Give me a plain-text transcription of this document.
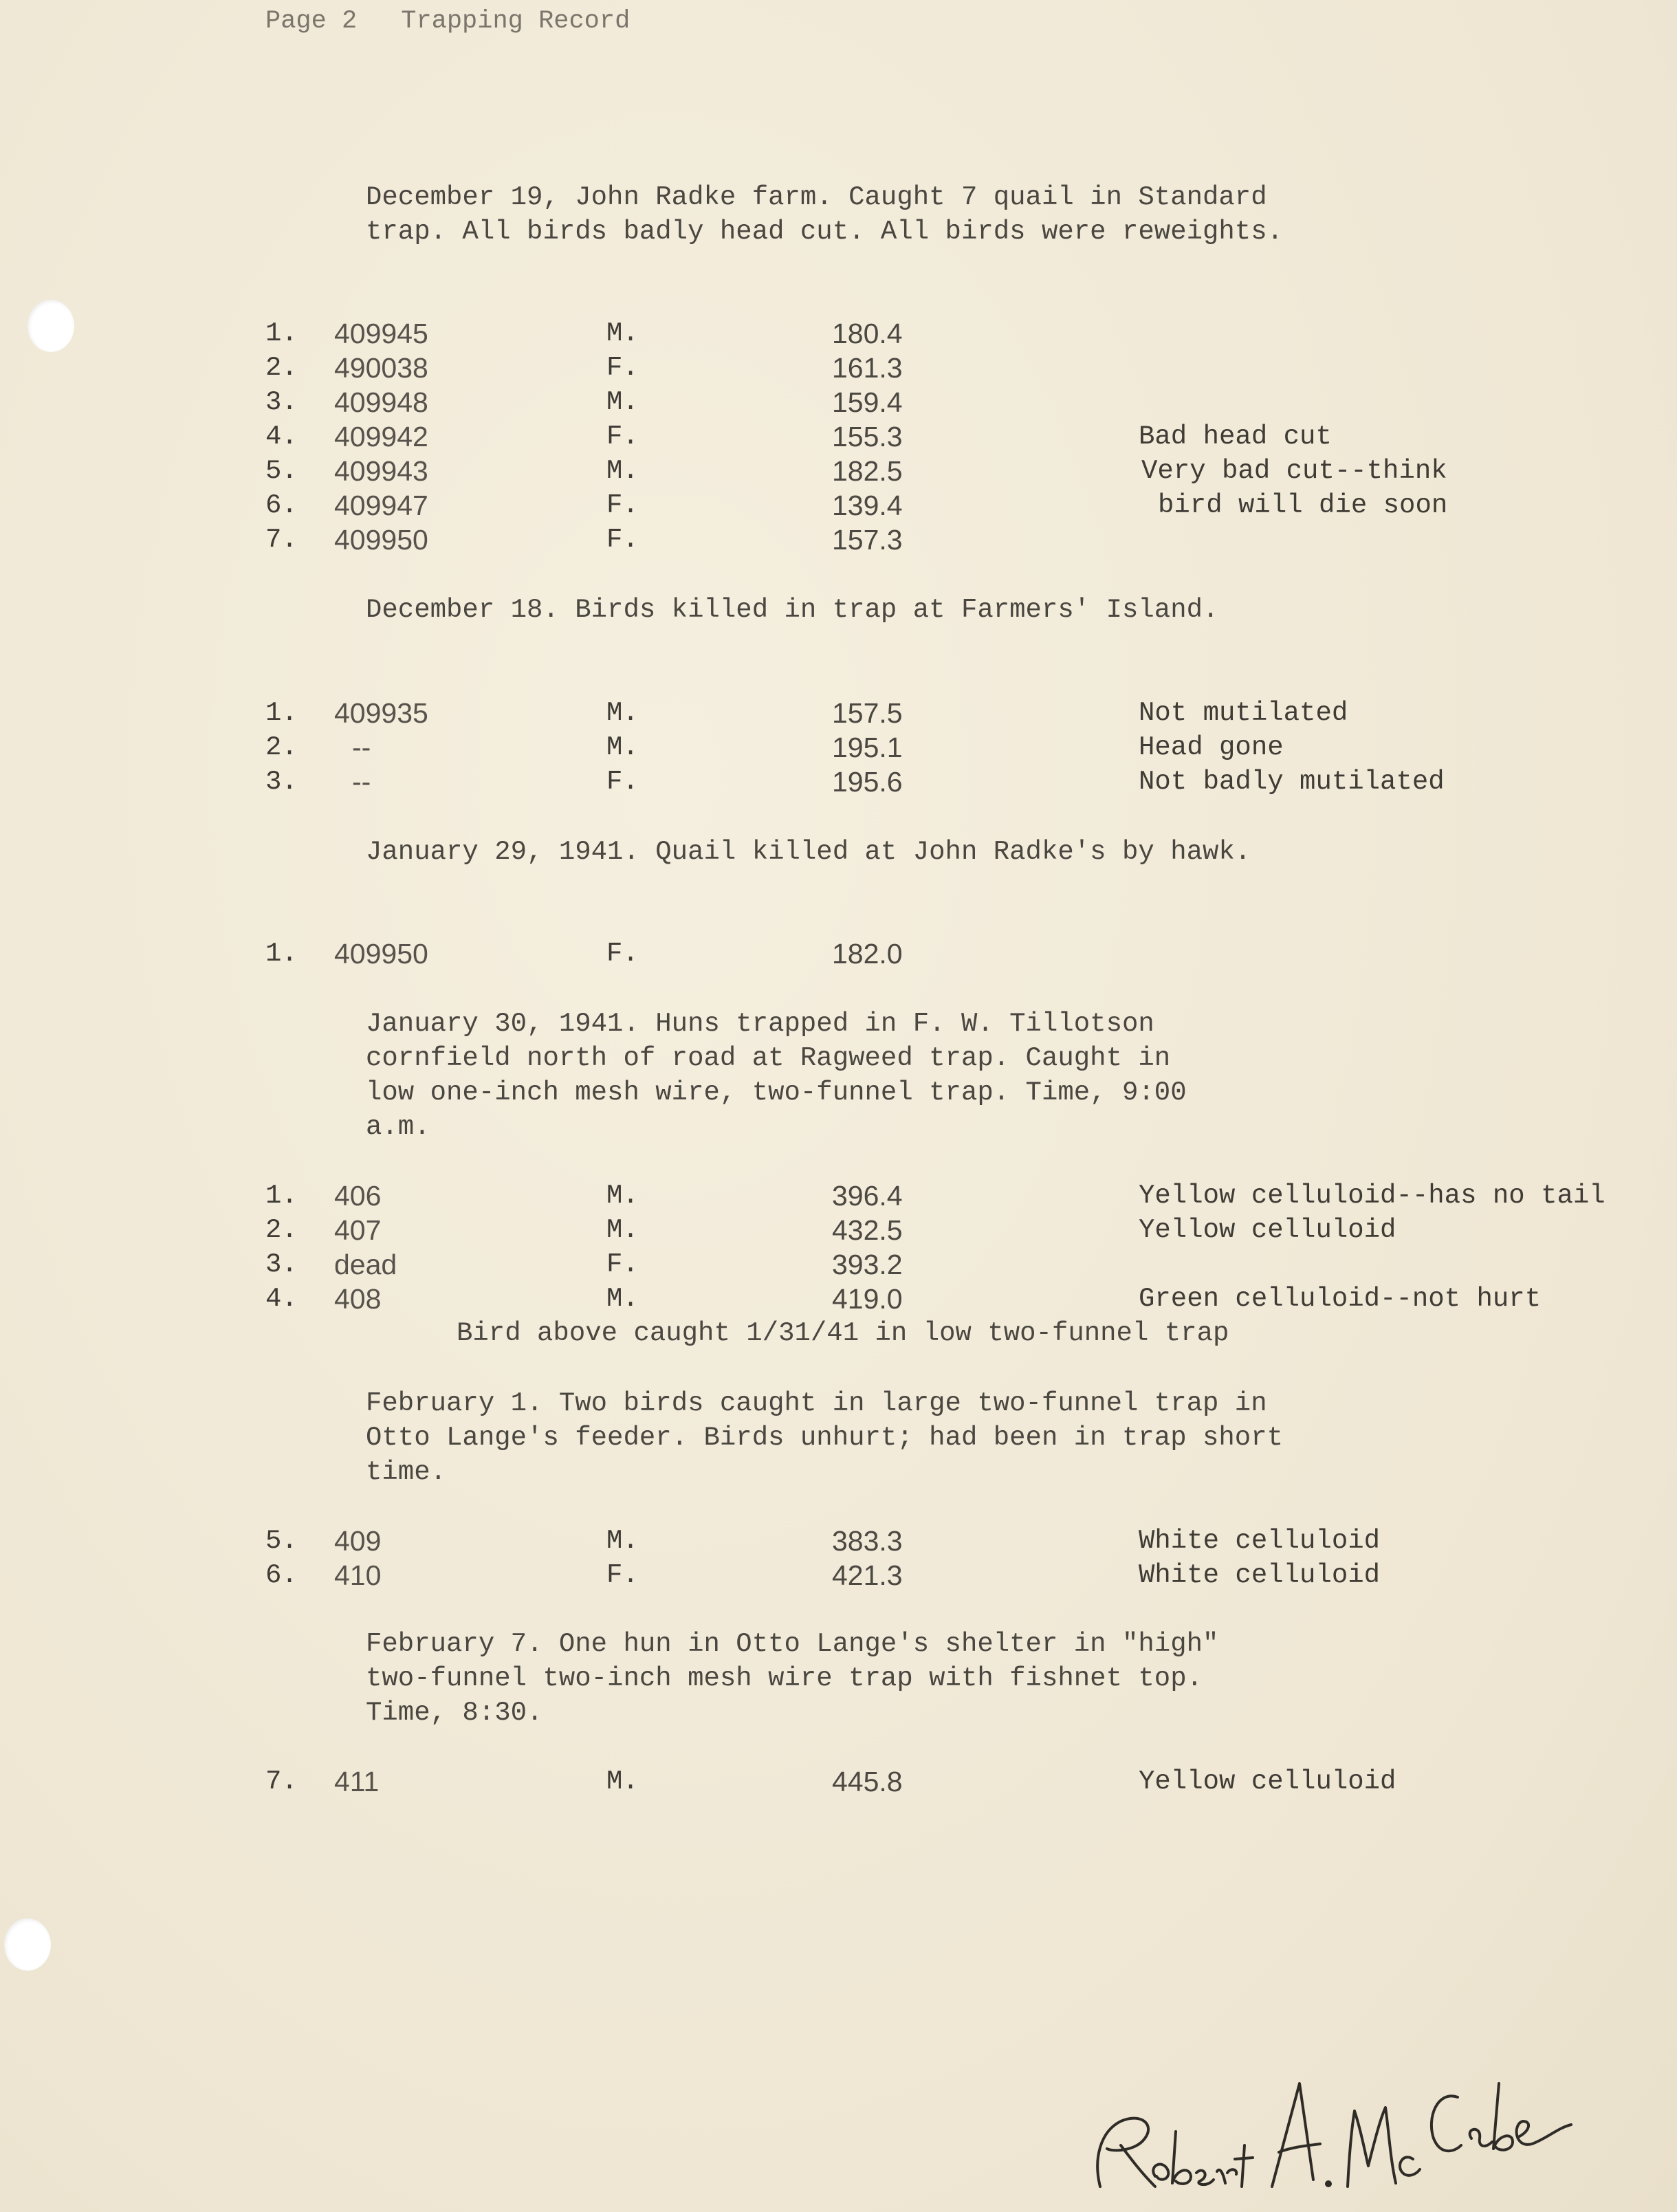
Page 2 Trapping Record
December 19, John Radke farm. Caught 7 quail in Standard trap. All birds badly head cut. All birds were reweights.
1. 409945	M.	180.4
2. 490038	F.	161.3
3. 409948	M.	159.4
4. 409942	F.	155.3	Bad head cut
5. 409943	M.	182.5	Very bad cut--think
6. 409947	F.	139.4	bird will die soon
7. 409950	F.	157.3
December 18. Birds killed in trap at Farmers' Island.
1. 409935	M.	157.5	Not mutilated
2. --	M.	195.1	Head gone
3. --	F.	195.6	Not badly mutilated
January 29, 1941. Quail killed at John Radke's by hawk.
1. 409950	F.	182.0
January 30, 1941. Huns trapped in F. W. Tillotson cornfield north of road at Ragweed trap. Caught in low one-inch mesh wire, two-funnel trap. Time, 9:00 a.m.
1. 406	M.	396.4	Yellow celluloid--has no tail
2. 407	M.	432.5	Yellow celluloid
3. dead	F.	393.2
4. 408	M.	419.0	Green celluloid--not hurt
Bird above caught 1/31/41 in low two-funnel trap
February 1. Two birds caught in large two-funnel trap in Otto Lange's feeder. Birds unhurt; had been in trap short time.
5. 409	M.	383.3	White celluloid
6. 410	F.	421.3	White celluloid
February 7. One hun in Otto Lange's shelter in "high" two-funnel two-inch mesh wire trap with fishnet top. Time, 8:30.
7. 411	M.	445.8	Yellow celluloid
